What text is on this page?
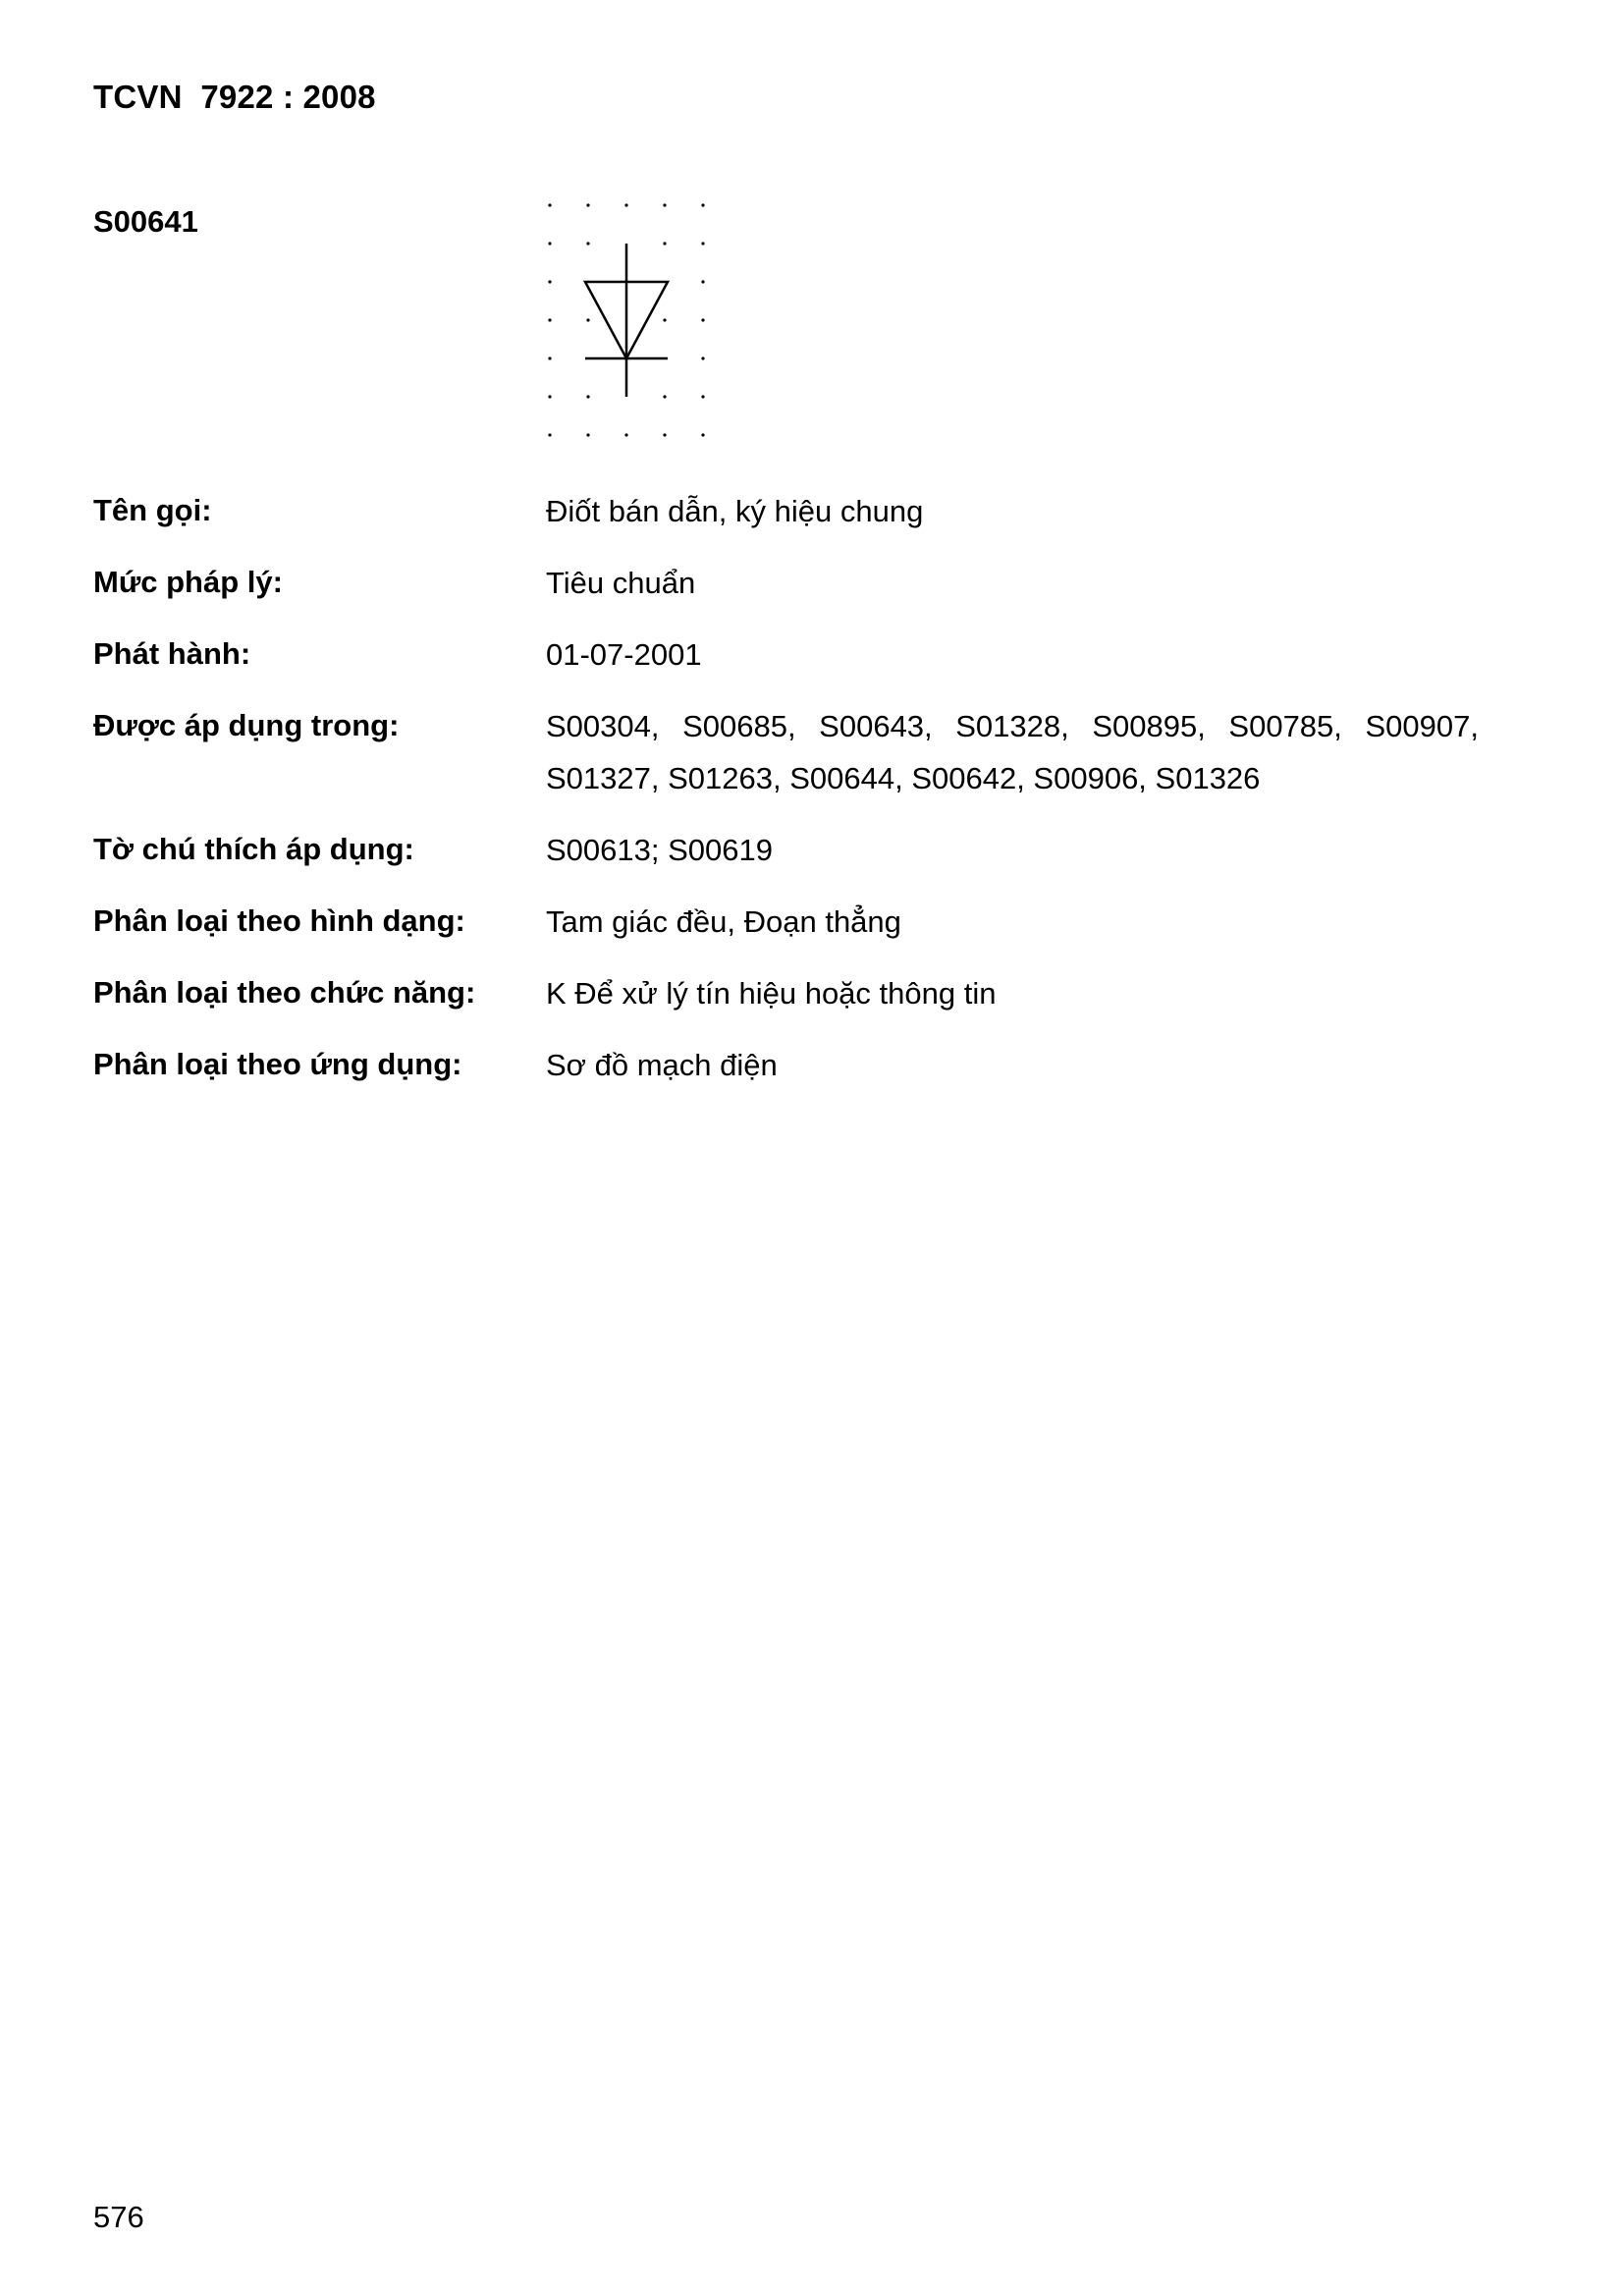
TCVN  7922 : 2008
S00641
Tên gọi:	Điốt bán dẫn, ký hiệu chung
Mức pháp lý:	Tiêu chuẩn
Phát hành:	01-07-2001
Được áp dụng trong:	S00304, S00685, S00643, S01328, S00895, S00785, S00907, S01327, S01263, S00644, S00642, S00906, S01326
Tờ chú thích áp dụng:	S00613; S00619
Phân loại theo hình dạng:	Tam giác đều, Đoạn thẳng
Phân loại theo chức năng:	K Để xử lý tín hiệu hoặc thông tin
Phân loại theo ứng dụng:	Sơ đồ mạch điện
576
